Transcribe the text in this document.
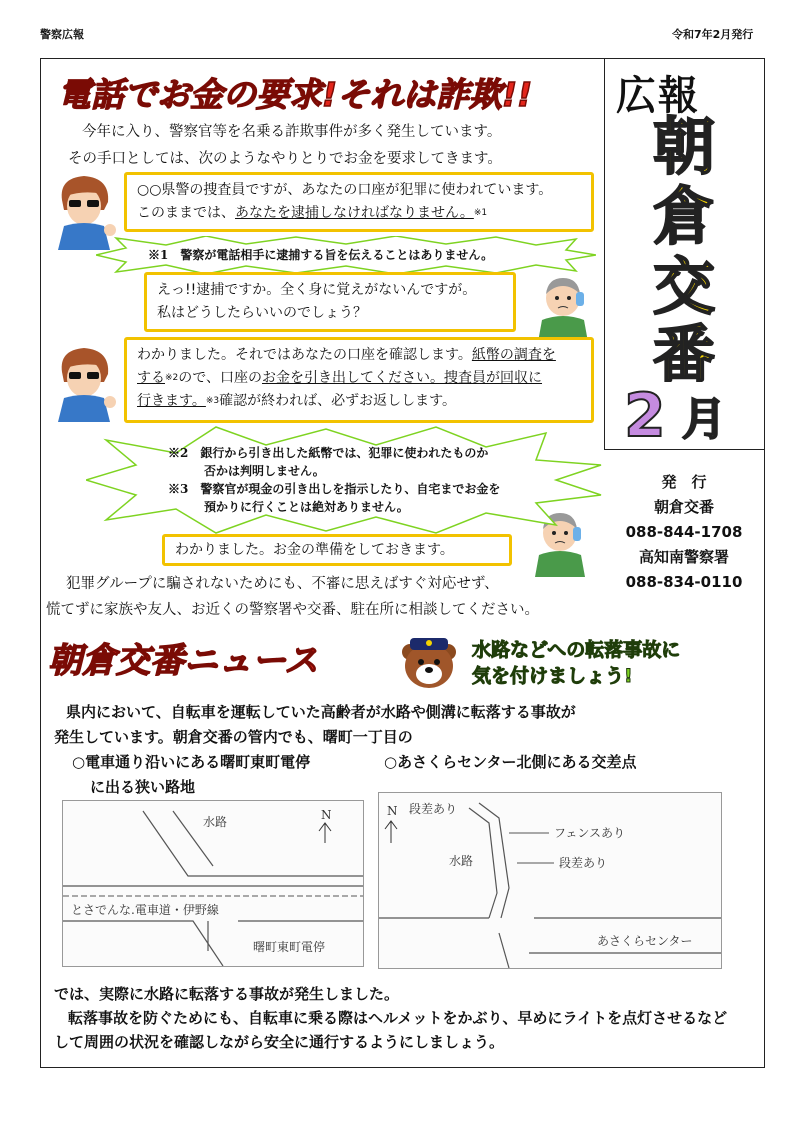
警察広報	令和7年2月発行
電話でお金の要求!それは詐欺!!
今年に入り、警察官等を名乗る詐欺事件が多く発生しています。
その手口としては、次のようなやりとりでお金を要求してきます。
○○県警の捜査員ですが、あなたの口座が犯罪に使われています。
このままでは、あなたを逮捕しなければなりません。$^{※1}$
※1　警察が電話相手に逮捕する旨を伝えることはありません。
えっ!!逮捕ですか。全く身に覚えがないんですが。
私はどうしたらいいのでしょう？
わかりました。それではあなたの口座を確認します。紙幣の調査を
する$^{※2}$ので、口座のお金を引き出してください。捜査員が回収に
行きます。$^{※3}$確認が終われば、必ずお返しします。
※2　銀行から引き出した紙幣では、犯罪に使われたものか
　　　否かは判明しません。
※3　警察官が現金の引き出しを指示したり、自宅までお金を
　　　預かりに行くことは絶対ありません。
わかりました。お金の準備をしておきます。
犯罪グループに騙されないためにも、不審に思えばすぐ対応せず、
慌てずに家族や友人、お近くの警察署や交番、駐在所に相談してください。
広報
朝
倉
交
番
2 月
発　行
朝倉交番
088-844-1708
高知南警察署
088-834-0110
朝倉交番ニュース	水路などへの転落事故に
気を付けましょう!
県内において、自転車を運転していた高齢者が水路や側溝に転落する事故が
発生しています。朝倉交番の管内でも、曙町一丁目の
○電車通り沿いにある曙町東町電停
に出る狭い路地
○あさくらセンター北側にある交差点
水路	N
とさでんな.電車道・伊野線
曙町東町電停
段差あり
フェンスあり
段差あり
水路
N
あさくらセンター
では、実際に水路に転落する事故が発生しました。
転落事故を防ぐためにも、自転車に乗る際はヘルメットをかぶり、早めにライトを点灯させるなどして周囲の状況を確認しながら安全に通行するようにしましょう。
